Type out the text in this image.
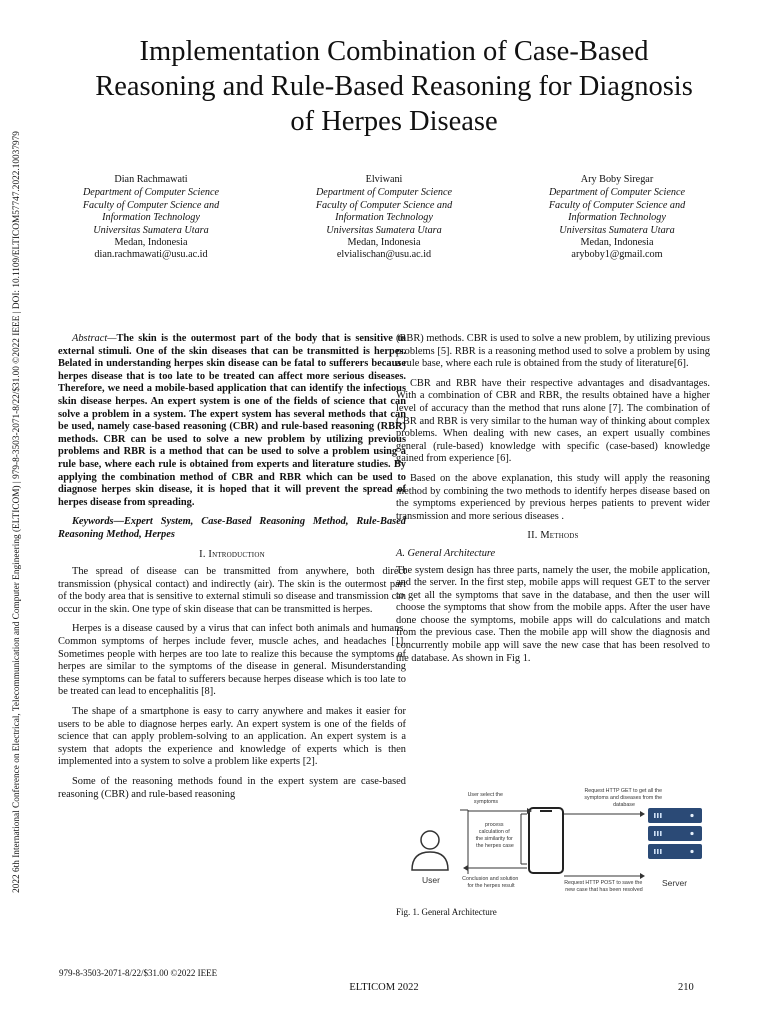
2022 6th International Conference on Electrical, Telecommunication and Computer Engineering (ELTICOM) | 979-8-3503-2071-8/22/$31.00 ©2022 IEEE | DOI: 10.1109/ELTICOM57747.2022.10037979
Implementation Combination of Case-Based
Reasoning and Rule-Based Reasoning for Diagnosis
of Herpes Disease
Dian Rachmawati
Department of Computer Science
Faculty of Computer Science and
Information Technology
Universitas Sumatera Utara
Medan, Indonesia
dian.rachmawati@usu.ac.id
Elviwani
Department of Computer Science
Faculty of Computer Science and
Information Technology
Universitas Sumatera Utara
Medan, Indonesia
elvialischan@usu.ac.id
Ary Boby Siregar
Department of Computer Science
Faculty of Computer Science and
Information Technology
Universitas Sumatera Utara
Medan, Indonesia
aryboby1@gmail.com

Abstract—The skin is the outermost part of the body that is sensitive to external stimuli. One of the skin diseases that can be transmitted is herpes. Belated in understanding herpes skin disease can be fatal to sufferers because herpes disease that is too late to be treated can affect more serious diseases. Therefore, we need a mobile-based application that can identify the infectious skin disease herpes. An expert system is one of the fields of science that can solve a problem in a system. The expert system has several methods that can be used, namely case-based reasoning (CBR) and rule-based reasoning (RBR) methods. CBR can be used to solve a new problem by utilizing previous problems and RBR is a method that can be used to solve a problem using a rule base, where each rule is obtained from experts and literature studies. By applying the combination method of CBR and RBR which can be used to diagnose herpes skin disease, it is hoped that it will prevent the spread of herpes disease from spreading.

Keywords—Expert System, Case-Based Reasoning Method, Rule-Based Reasoning Method, Herpes

I. Introduction

The spread of disease can be transmitted from anywhere, both direct transmission (physical contact) and indirectly (air). The skin is the outermost part of the body area that is sensitive to external stimuli so disease and transmission can occur in the skin. One type of skin disease that can be transmitted is herpes.

Herpes is a disease caused by a virus that can infect both animals and humans. Common symptoms of herpes include fever, muscle aches, and headaches [1]. Sometimes people with herpes are too late to realize this because the symptoms of herpes are similar to the symptoms of the disease in general. Misunderstanding these symptoms can be fatal to sufferers because herpes disease which is too late to be treated can lead to encephalitis [8].

The shape of a smartphone is easy to carry anywhere and makes it easier for users to be able to diagnose herpes early. An expert system is one of the fields of science that can apply problem-solving to an application. An expert system is a system that adopts the experience and knowledge of experts which is then implemented into a system to solve a problem like experts [2].

Some of the reasoning methods found in the expert system are case-based reasoning (CBR) and rule-based reasoning

(RBR) methods. CBR is used to solve a new problem, by utilizing previous problems [5]. RBR is a reasoning method used to solve a problem by using a rule base, where each rule is obtained from the study of literature[6].

CBR and RBR have their respective advantages and disadvantages. With a combination of CBR and RBR, the results obtained have a higher level of accuracy than the method that runs alone [7]. The combination of CBR and RBR is very similar to the human way of thinking about complex problems. When dealing with new cases, an expert usually combines general (rule-based) knowledge with specific (case-based) knowledge gained from experience [6].

Based on the above explanation, this study will apply the reasoning method by combining the two methods to identify herpes disease based on the symptoms experienced by previous herpes patients to prevent wider transmission and more serious diseases .

II. Methods
A. General Architecture

The system design has three parts, namely the user, the mobile application, and the server. In the first step, mobile apps will request GET to the server to get all the symptoms that save in the database, and then the user will choose the symptoms that show from the mobile apps. After the user have done choose the symptoms, mobile apps will do calculations and match from the previous case. Then the mobile app will show the diagnosis and concurrently mobile app will save the new case that has been resolved to the database. As shown in Fig 1.

User
User select the symptoms
process calculation of the similarity for the herpes case
Conclusion and solution for the herpes result
Request HTTP GET to get all the symptoms and diseases from the database
Request HTTP POST to save the new case that has been resolved
Server
Fig. 1. General Architecture
979-8-3503-2071-8/22/$31.00 ©2022 IEEE
ELTICOM 2022	210
